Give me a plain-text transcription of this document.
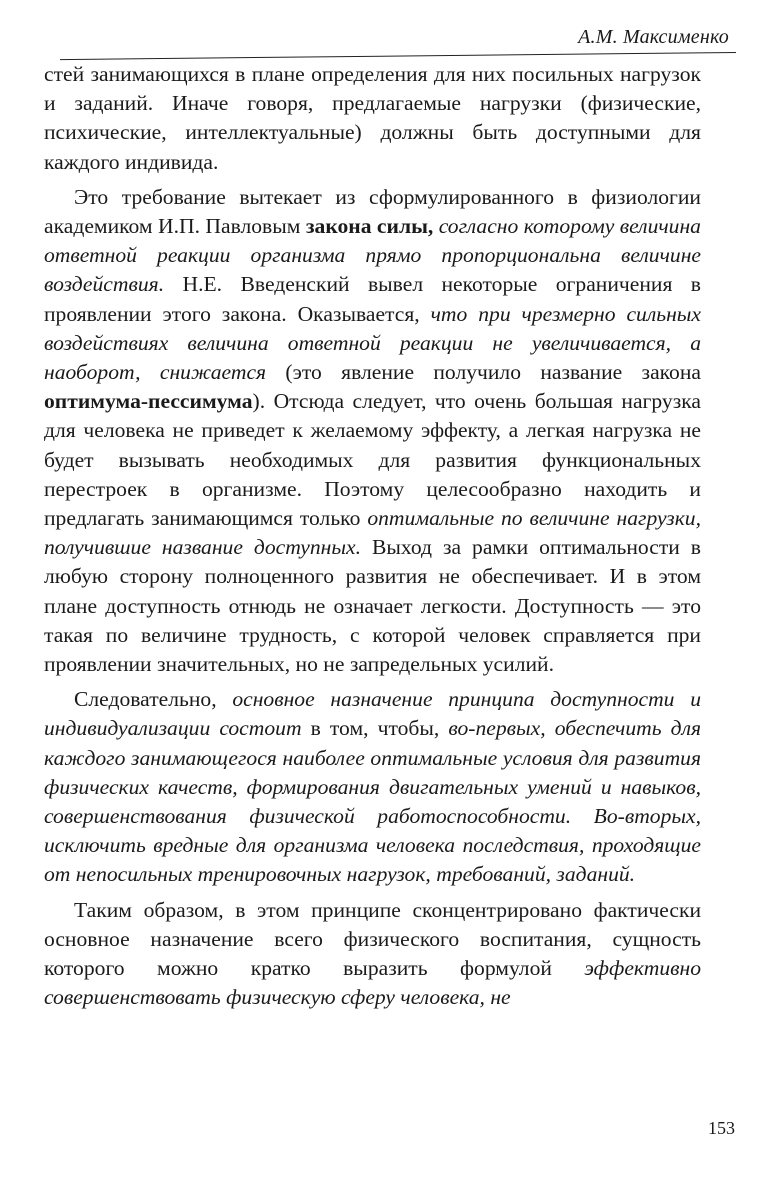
А.М. Максименко

стей занимающихся в плане определения для них посильных нагрузок и заданий. Иначе говоря, предлагаемые нагрузки (физические, психические, интеллектуальные) должны быть доступными для каждого индивида.

Это требование вытекает из сформулированного в физиологии академиком И.П. Павловым закона силы, согласно которому величина ответной реакции организма прямо пропорциональна величине воздействия. Н.Е. Введенский вывел некоторые ограничения в проявлении этого закона. Оказывается, что при чрезмерно сильных воздействиях величина ответной реакции не увеличивается, а наоборот, снижается (это явление получило название закона оптимума-пессимума). Отсюда следует, что очень большая нагрузка для человека не приведет к желаемому эффекту, а легкая нагрузка не будет вызывать необходимых для развития функциональных перестроек в организме. Поэтому целесообразно находить и предлагать занимающимся только оптимальные по величине нагрузки, получившие название доступных. Выход за рамки оптимальности в любую сторону полноценного развития не обеспечивает. И в этом плане доступность отнюдь не означает легкости. Доступность — это такая по величине трудность, с которой человек справляется при проявлении значительных, но не запредельных усилий.

Следовательно, основное назначение принципа доступности и индивидуализации состоит в том, чтобы, во-первых, обеспечить для каждого занимающегося наиболее оптимальные условия для развития физических качеств, формирования двигательных умений и навыков, совершенствования физической работоспособности. Во-вторых, исключить вредные для организма человека последствия, проходящие от непосильных тренировочных нагрузок, требований, заданий.

Таким образом, в этом принципе сконцентрировано фактически основное назначение всего физического воспитания, сущность которого можно кратко выразить формулой эффективно совершенствовать физическую сферу человека, не

153
